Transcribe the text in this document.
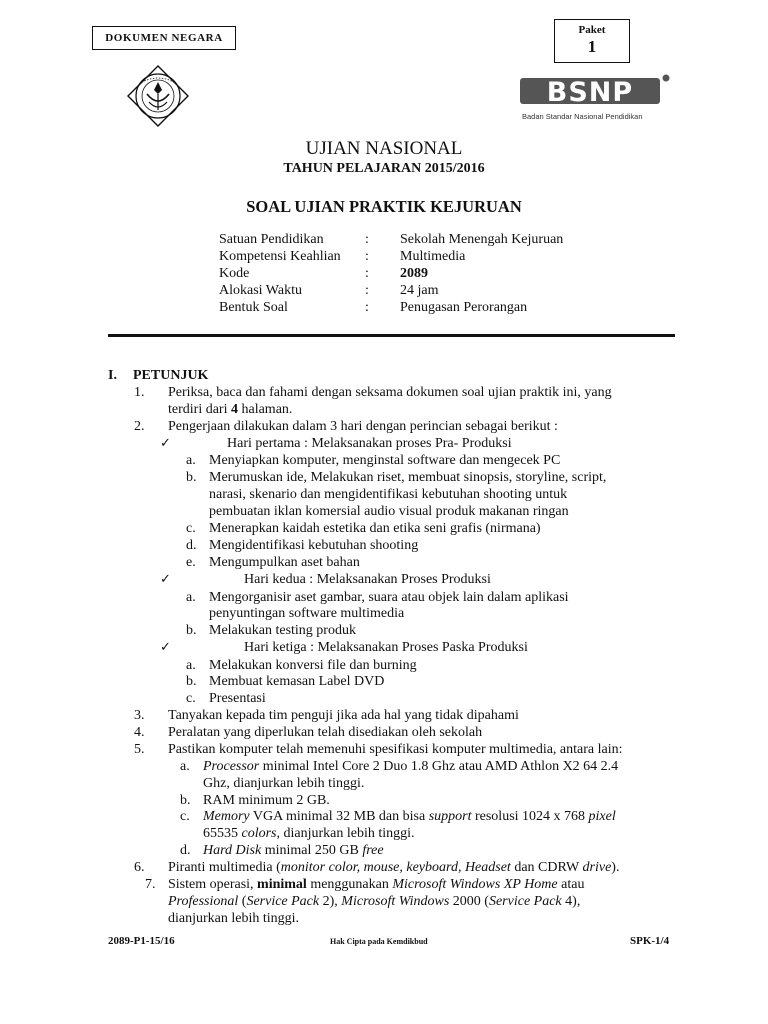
DOKUMEN NEGARA
Paket
1
BSNP
Badan Standar Nasional Pendidikan
UJIAN NASIONAL
TAHUN PELAJARAN 2015/2016
SOAL UJIAN PRAKTIK KEJURUAN
Satuan Pendidikan	: Sekolah Menengah Kejuruan
Kompetensi Keahlian : Multimedia
Kode	: 2089
Alokasi Waktu	: 24 jam
Bentuk Soal	: Penugasan Perorangan
I. PETUNJUK
1. Periksa, baca dan fahami dengan seksama dokumen soal ujian praktik ini, yang
terdiri dari 4 halaman.
2. Pengerjaan dilakukan dalam 3 hari dengan perincian sebagai berikut :
✓	Hari pertama : Melaksanakan proses Pra- Produksi
a. Menyiapkan komputer, menginstal software dan mengecek PC
b. Merumuskan ide, Melakukan riset, membuat sinopsis, storyline, script,
narasi, skenario dan mengidentifikasi kebutuhan shooting untuk
pembuatan iklan komersial audio visual produk makanan ringan
c. Menerapkan kaidah estetika dan etika seni grafis (nirmana)
d. Mengidentifikasi kebutuhan shooting
e. Mengumpulkan aset bahan
✓	Hari kedua : Melaksanakan Proses Produksi
a. Mengorganisir aset gambar, suara atau objek lain dalam aplikasi
penyuntingan software multimedia
b. Melakukan testing produk
✓	Hari ketiga : Melaksanakan Proses Paska Produksi
a. Melakukan konversi file dan burning
b. Membuat kemasan Label DVD
c. Presentasi
3. Tanyakan kepada tim penguji jika ada hal yang tidak dipahami
4. Peralatan yang diperlukan telah disediakan oleh sekolah
5. Pastikan komputer telah memenuhi spesifikasi komputer multimedia, antara lain:
a. Processor minimal Intel Core 2 Duo 1.8 Ghz atau AMD Athlon X2 64 2.4
Ghz, dianjurkan lebih tinggi.
b. RAM minimum 2 GB.
c. Memory VGA minimal 32 MB dan bisa support resolusi 1024 x 768 pixel
65535 colors, dianjurkan lebih tinggi.
d. Hard Disk minimal 250 GB free
6. Piranti multimedia (monitor color, mouse, keyboard, Headset dan CDRW drive).
7. Sistem operasi, minimal menggunakan Microsoft Windows XP Home atau
Professional (Service Pack 2), Microsoft Windows 2000 (Service Pack 4),
dianjurkan lebih tinggi.
2089-P1-15/16	Hak Cipta pada Kemdikbud	SPK-1/4
